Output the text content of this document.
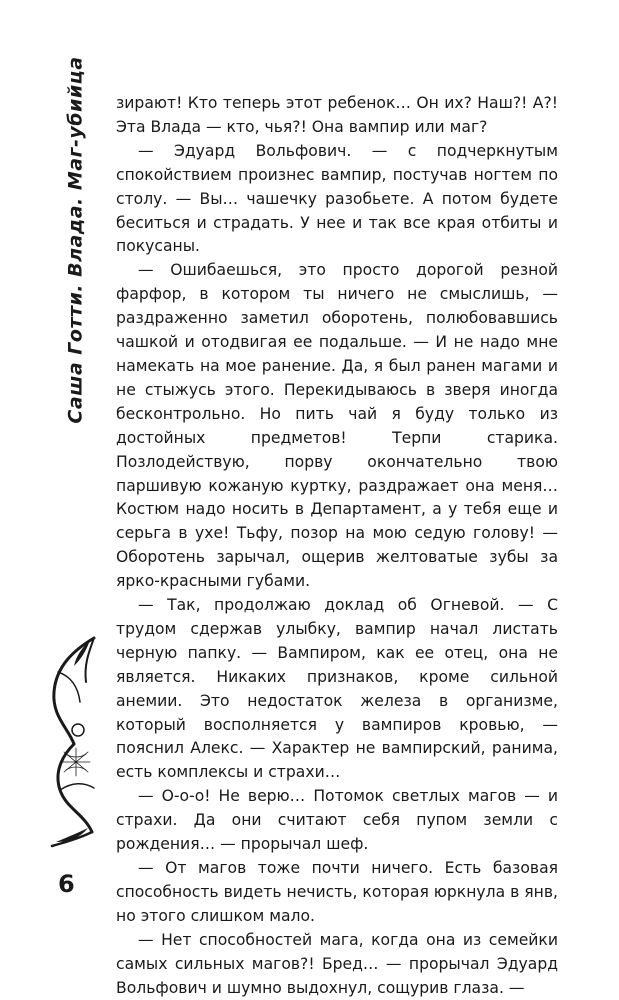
Саша Готти. Влада. Маг-убийца
6

зирают! Кто теперь этот ребенок… Он их? Наш?! А?! Эта Влада — кто, чья?! Она вампир или маг?

— Эдуард Вольфович. — с подчеркнутым спокойствием произнес вампир, постучав ногтем по столу. — Вы… чашечку разобьете. А потом будете беситься и страдать. У нее и так все края отбиты и покусаны.

— Ошибаешься, это просто дорогой резной фарфор, в котором ты ничего не смыслишь, — раздраженно заметил оборотень, полюбовавшись чашкой и отодвигая ее подальше. — И не надо мне намекать на мое ранение. Да, я был ранен магами и не стыжусь этого. Перекидываюсь в зверя иногда бесконтрольно. Но пить чай я буду только из достойных предметов! Терпи старика. Позлодействую, порву окончательно твою паршивую кожаную куртку, раздражает она меня… Костюм надо носить в Департамент, а у тебя еще и серьга в ухе! Тьфу, позор на мою седую голову! — Оборотень зарычал, ощерив желтоватые зубы за ярко-красными губами.

— Так, продолжаю доклад об Огневой. — С трудом сдержав улыбку, вампир начал листать черную папку. — Вампиром, как ее отец, она не является. Никаких признаков, кроме сильной анемии. Это недостаток железа в организме, который восполняется у вампиров кровью, — пояснил Алекс. — Характер не вампирский, ранима, есть комплексы и страхи…

— О-о-о! Не верю… Потомок светлых магов — и страхи. Да они считают себя пупом земли с рождения… — прорычал шеф.

— От магов тоже почти ничего. Есть базовая способность видеть нечисть, которая юркнула в янв, но этого слишком мало.

— Нет способностей мага, когда она из семейки самых сильных магов?! Бред… — прорычал Эдуард Вольфович и шумно выдохнул, сощурив глаза. —
